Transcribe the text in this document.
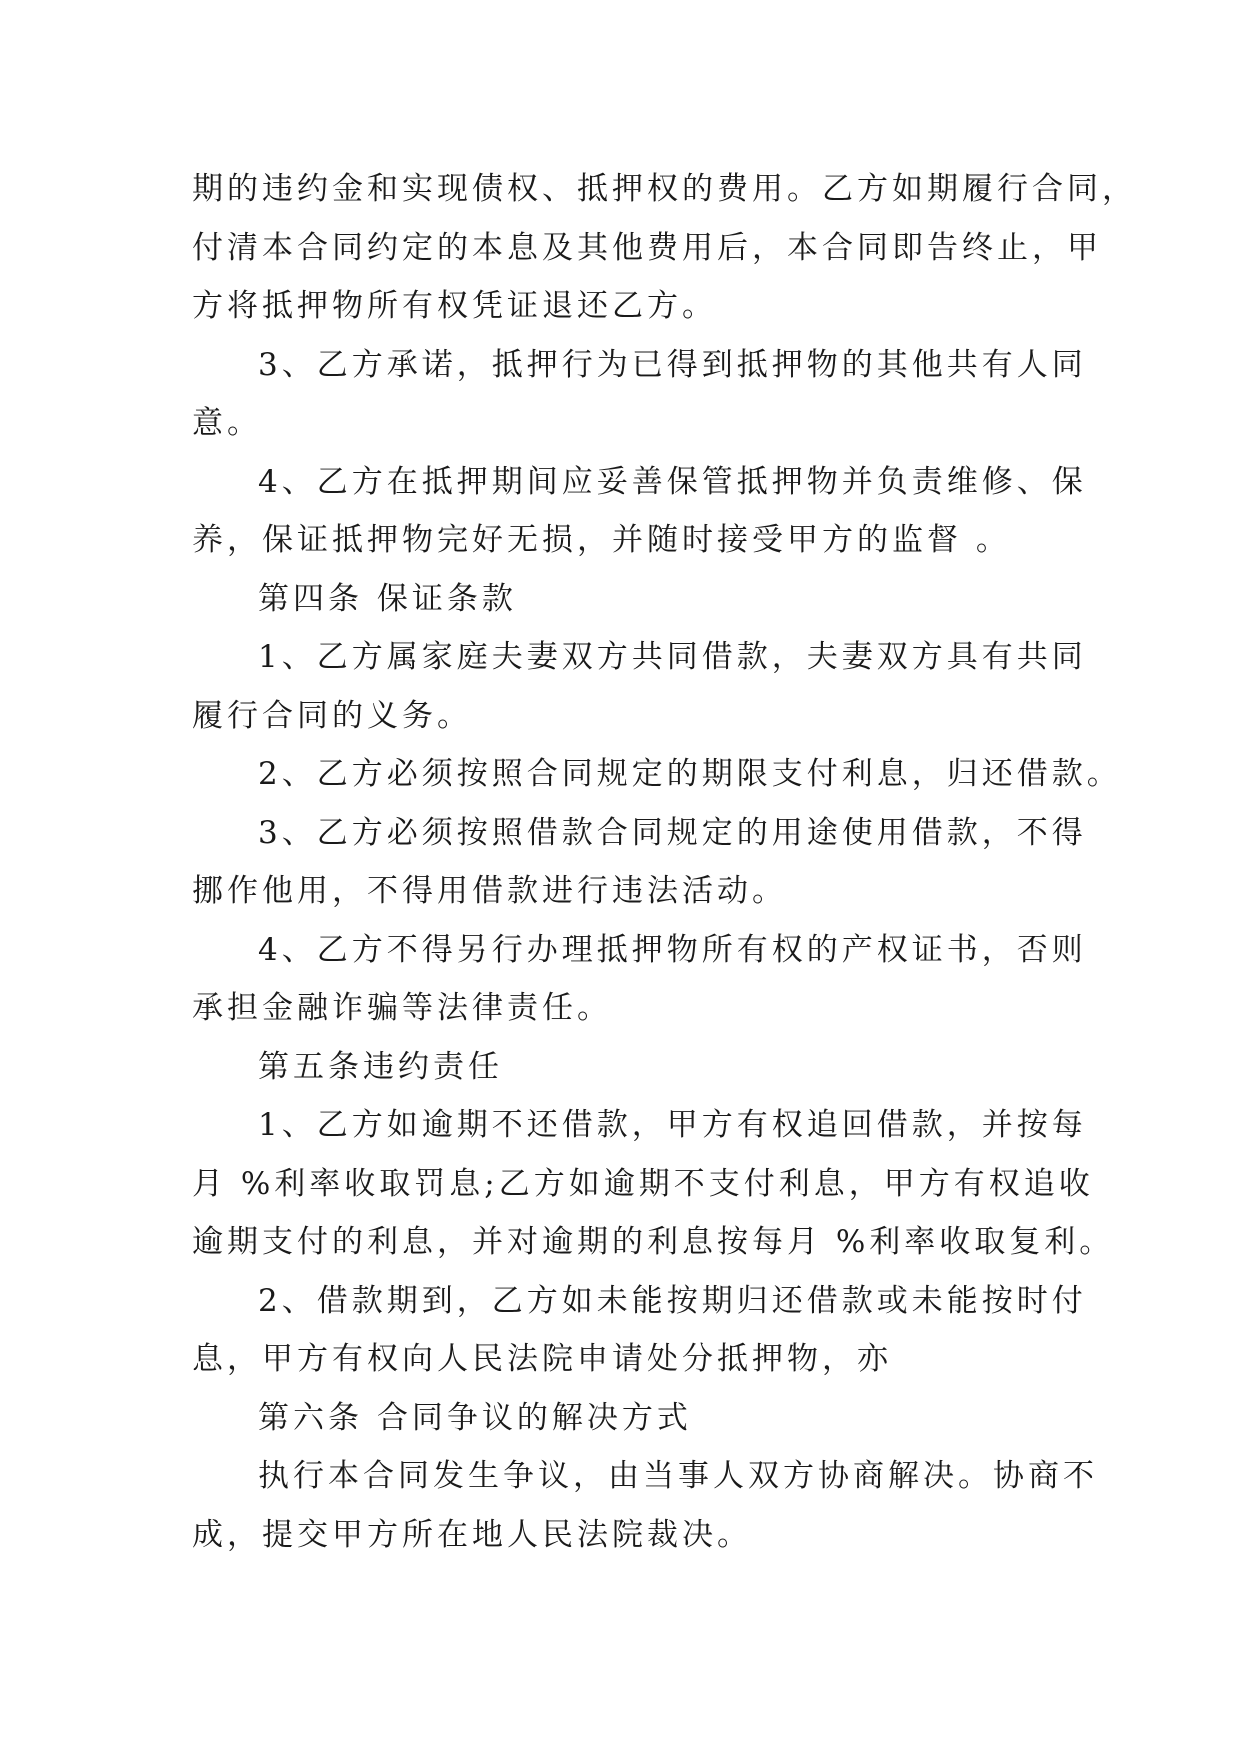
期的违约金和实现债权、抵押权的费用。乙方如期履行合同，
付清本合同约定的本息及其他费用后，本合同即告终止，甲
方将抵押物所有权凭证退还乙方。
3、乙方承诺，抵押行为已得到抵押物的其他共有人同
意。
4、乙方在抵押期间应妥善保管抵押物并负责维修、保
养，保证抵押物完好无损，并随时接受甲方的监督 。
第四条 保证条款
1、乙方属家庭夫妻双方共同借款，夫妻双方具有共同
履行合同的义务。
2、乙方必须按照合同规定的期限支付利息，归还借款。
3、乙方必须按照借款合同规定的用途使用借款，不得
挪作他用，不得用借款进行违法活动。
4、乙方不得另行办理抵押物所有权的产权证书，否则
承担金融诈骗等法律责任。
第五条违约责任
1、乙方如逾期不还借款，甲方有权追回借款，并按每
月 %利率收取罚息;乙方如逾期不支付利息，甲方有权追收
逾期支付的利息，并对逾期的利息按每月 %利率收取复利。
2、借款期到，乙方如未能按期归还借款或未能按时付
息，甲方有权向人民法院申请处分抵押物，亦
第六条 合同争议的解决方式
执行本合同发生争议，由当事人双方协商解决。协商不
成，提交甲方所在地人民法院裁决。
